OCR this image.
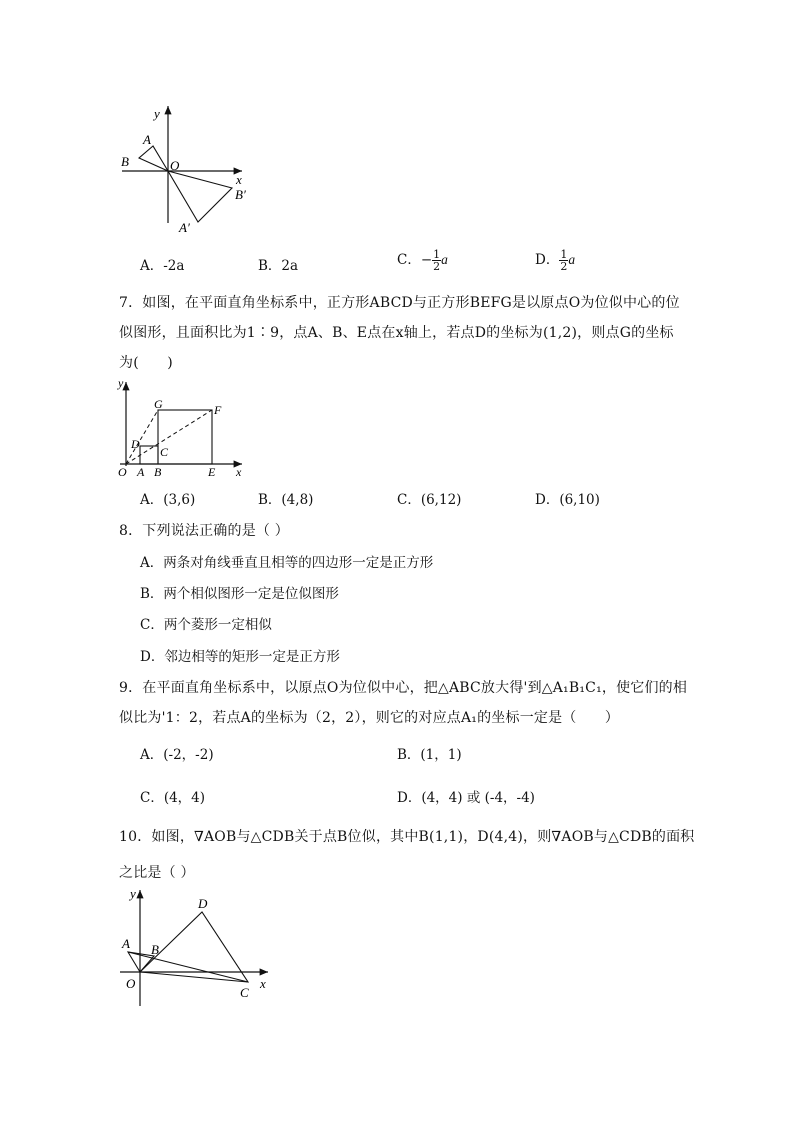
y
x
A
B	O
B′
A′
A．-2a	B．2a	C．− $\frac{1}{2}$ a	D． $\frac{1}{2}$ a
7．如图，在平面直角坐标系中，正方形ABCD与正方形BEFG是以原点O为位似中心的位
似图形，且面积比为1∶9，点A、B、E点在x轴上，若点D的坐标为(1,2)，则点G的坐标
为(　　)
y
x
O A B	E
C
D
G	F
A．(3,6)	B．(4,8)	C．(6,12)	D．(6,10)
8．下列说法正确的是（ ）
A．两条对角线垂直且相等的四边形一定是正方形
B．两个相似图形一定是位似图形
C．两个菱形一定相似
D．邻边相等的矩形一定是正方形
9．在平面直角坐标系中，以原点O为位似中心，把△ABC放大得'到△A₁B₁C₁，使它们的相
似比为'1：2，若点A的坐标为（2，2），则它的对应点A₁的坐标一定是（　　）
A．(-2，-2)	B．(1，1)
C．(4，4)	D．(4，4) 或 (-4，-4)
10．如图，∇AOB与△CDB关于点B位似，其中B(1,1)，D(4,4)，则∇AOB与△CDB的面积
之比是（ ）
y
x
O
A B
D
C
